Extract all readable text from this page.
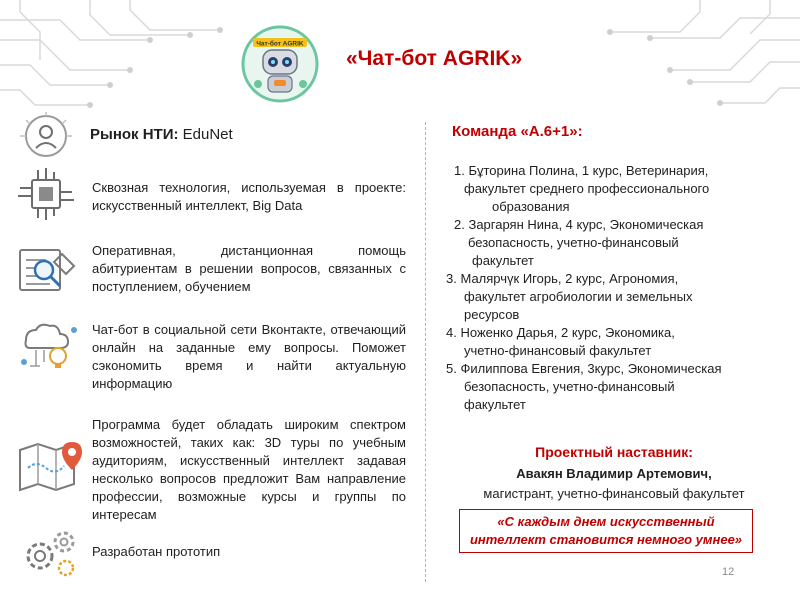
Чат-бот AGRIK
«Чат-бот AGRIK»
Рынок НТИ: EduNet
Сквозная технология, используемая в проекте: искусственный интеллект, Big Data
Оперативная, дистанционная помощь абитуриентам в решении вопросов, связанных с поступлением, обучением
Чат-бот в социальной сети Вконтакте, отвечающий онлайн на заданные ему вопросы. Поможет сэкономить время и найти актуальную информацию
Программа будет обладать широким спектром возможностей, таких как: 3D туры по учебным аудиториям, искусственный интеллект задавая несколько вопросов предложит Вам направление профессии, возможные курсы и группы по интересам
Разработан прототип
Команда «А.6+1»:

1. Бұторина Полина, 1 курс, Ветеринария,
факультет среднего профессионального
образования

2. Заргарян Нина, 4 курс, Экономическая
безопасность, учетно-финансовый
факультет

3. Малярчүк Игорь, 2 курс, Агрономия,
факультет агробиологии и земельных
ресурсов

4. Ноженко Дарья, 2 курс, Экономика,
учетно-финансовый факультет

5. Филиппова Евгения, 3курс, Экономическая
безопасность, учетно-финансовый
факультет

Проектный наставник:
Авакян Владимир Артемович,
магистрант, учетно-финансовый факультет
«С каждым днем искусственный
интеллект становится немного умнее»
12
